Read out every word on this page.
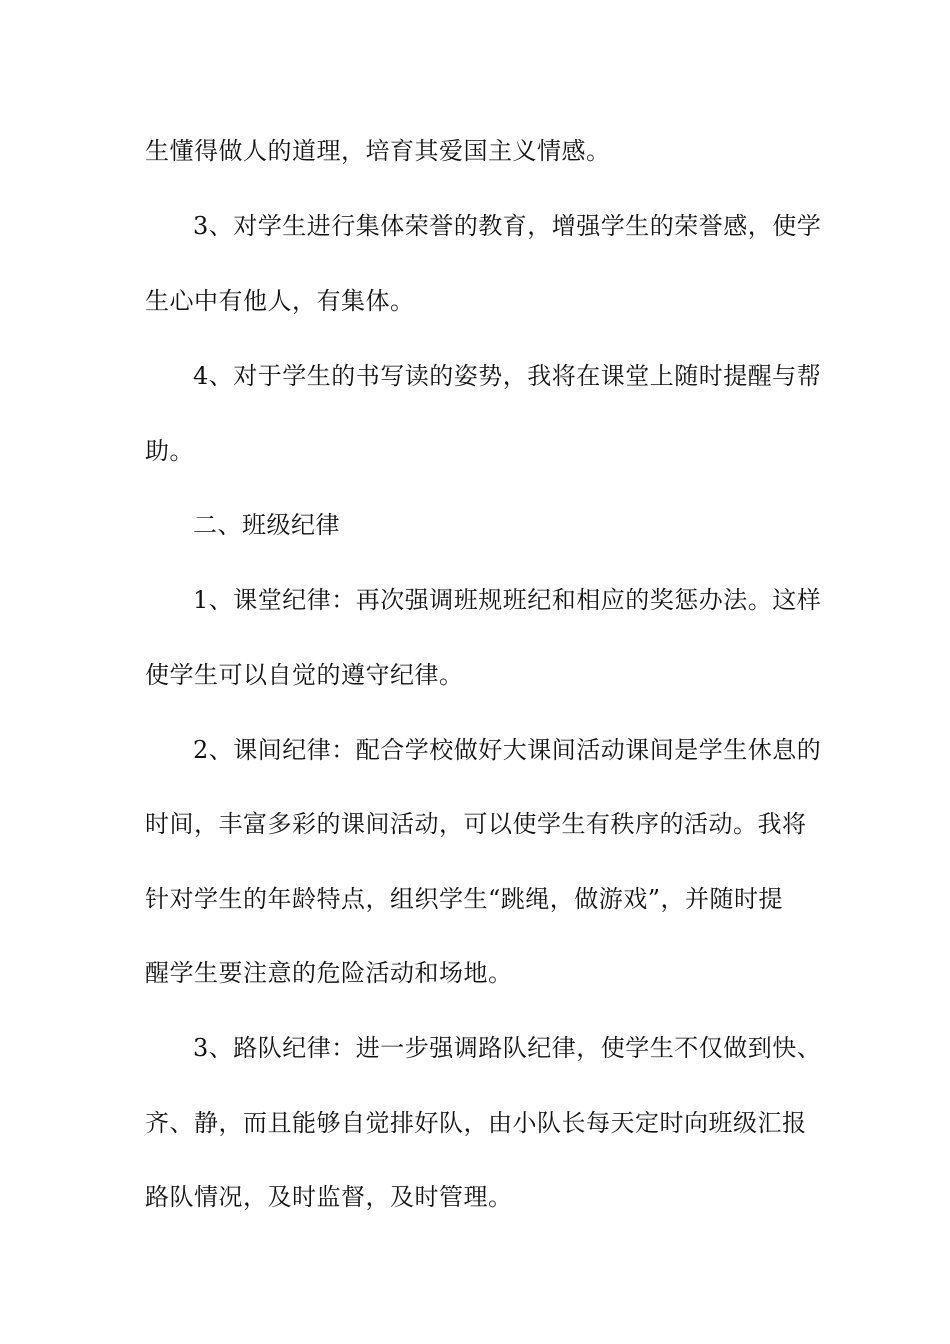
生懂得做人的道理，培育其爱国主义情感。
3、对学生进行集体荣誉的教育，增强学生的荣誉感，使学
生心中有他人，有集体。
4、对于学生的书写读的姿势，我将在课堂上随时提醒与帮
助。
二、班级纪律
1、课堂纪律：再次强调班规班纪和相应的奖惩办法。这样
使学生可以自觉的遵守纪律。
2、课间纪律：配合学校做好大课间活动课间是学生休息的
时间，丰富多彩的课间活动，可以使学生有秩序的活动。我将
针对学生的年龄特点，组织学生“跳绳，做游戏”，并随时提
醒学生要注意的危险活动和场地。
3、路队纪律：进一步强调路队纪律，使学生不仅做到快、
齐、静，而且能够自觉排好队，由小队长每天定时向班级汇报
路队情况，及时监督，及时管理。
